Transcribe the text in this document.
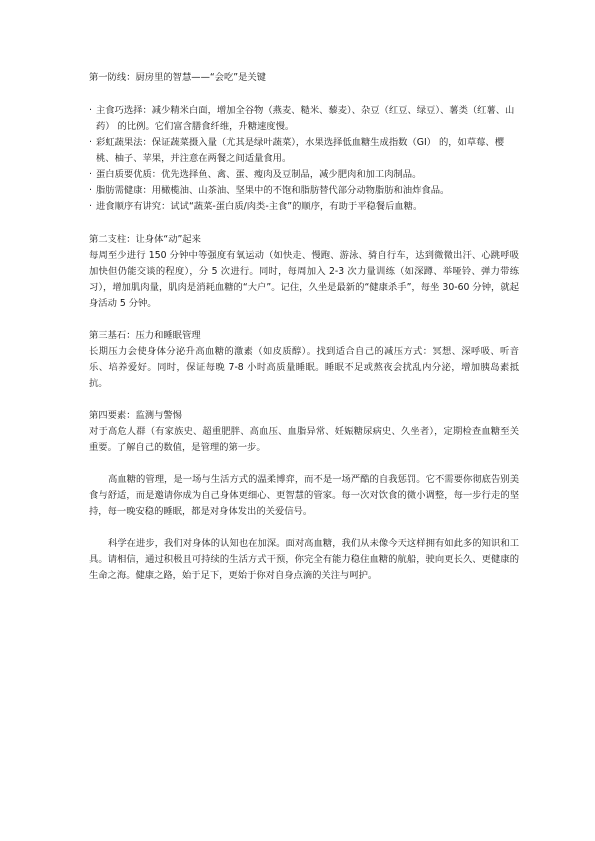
第一防线：厨房里的智慧——“会吃”是关键
· 主食巧选择：减少精米白面，增加全谷物（燕麦、糙米、藜麦）、杂豆（红豆、绿豆）、薯类（红薯、山药） 的比例。它们富含膳食纤维，升糖速度慢。
· 彩虹蔬果法：保证蔬菜摄入量（尤其是绿叶蔬菜），水果选择低血糖生成指数（GI） 的，如草莓、樱桃、柚子、苹果，并注意在两餐之间适量食用。
· 蛋白质要优质：优先选择鱼、禽、蛋、瘦肉及豆制品，减少肥肉和加工肉制品。
· 脂肪需健康：用橄榄油、山茶油、坚果中的不饱和脂肪替代部分动物脂肪和油炸食品。
· 进食顺序有讲究：试试“蔬菜-蛋白质/肉类-主食”的顺序，有助于平稳餐后血糖。
第二支柱：让身体“动”起来
每周至少进行 150 分钟中等强度有氧运动（如快走、慢跑、游泳、骑自行车，达到微微出汗、心跳呼吸加快但仍能交谈的程度），分 5 次进行。同时，每周加入 2-3 次力量训练（如深蹲、举哑铃、弹力带练习），增加肌肉量，肌肉是消耗血糖的“大户”。记住，久坐是最新的“健康杀手”，每坐 30-60 分钟，就起身活动 5 分钟。
第三基石：压力和睡眠管理
长期压力会使身体分泌升高血糖的激素（如皮质醇）。找到适合自己的减压方式：冥想、深呼吸、听音乐、培养爱好。同时，保证每晚 7-8 小时高质量睡眠。睡眠不足或熬夜会扰乱内分泌，增加胰岛素抵抗。
第四要素：监测与警惕
对于高危人群（有家族史、超重肥胖、高血压、血脂异常、妊娠糖尿病史、久坐者），定期检查血糖至关重要。了解自己的数值，是管理的第一步。
高血糖的管理，是一场与生活方式的温柔博弈，而不是一场严酷的自我惩罚。它不需要你彻底告别美食与舒适，而是邀请你成为自己身体更细心、更智慧的管家。每一次对饮食的微小调整，每一步行走的坚持，每一晚安稳的睡眠，都是对身体发出的关爱信号。
科学在进步，我们对身体的认知也在加深。面对高血糖，我们从未像今天这样拥有如此多的知识和工具。请相信，通过积极且可持续的生活方式干预，你完全有能力稳住血糖的航船，驶向更长久、更健康的生命之海。健康之路，始于足下，更始于你对自身点滴的关注与呵护。
